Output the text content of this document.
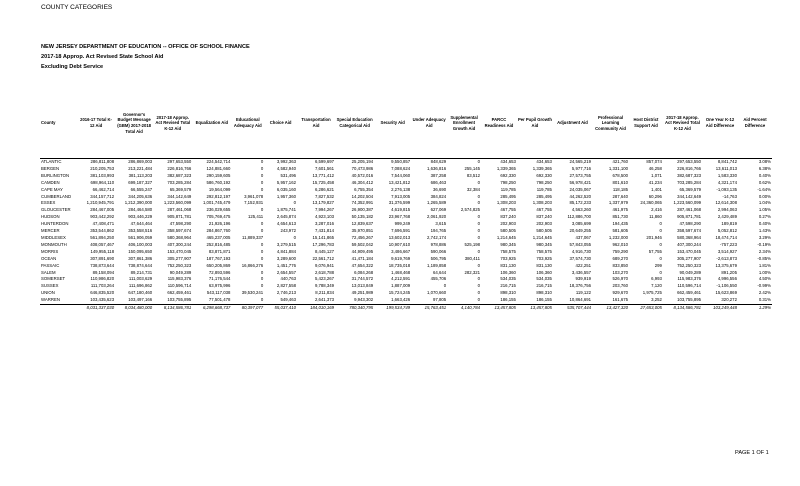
COUNTY CATEGORIES
NEW JERSEY DEPARTMENT OF EDUCATION -- OFFICE OF SCHOOL FINANCE
2017-18 Approp. Act Revised State School Aid
Excluding Debt Service
County	2016-17 Total K-12 Aid	Governor's Budget Message (GBM) 2017-2018 Total Aid	2017-18 Approp. Act Revised Total K-12 Aid	Equalization Aid	Educational Adequacy Aid	Choice Aid	Transportation Aid	Special Education Categorical Aid	Security Aid	Under Adequacy Aid	Supplemental Enrollment Growth Aid	PARCC Readiness Aid	Per Pupil Growth Aid	Adjustment Aid	Professional Learning Community Aid	Host District Support Aid	2017-18 Approp. Act Revised Total K-12 Aid	One Year K-12 Aid Difference	Aid Percent Difference
ATLANTIC	286,811,808	286,869,003	297,653,550	224,542,714	0	3,992,363	6,599,697	25,205,194	9,550,857	848,629	0	434,653	434,653	24,565,219	421,760	857,074	297,653,550	8,841,742	3.08%
BERGEN	210,205,753	213,221,484	226,816,766	124,881,660	0	4,582,940	7,601,561	70,473,986	7,088,624	1,636,816	255,145	1,339,365	1,339,365	5,977,716	1,331,100	46,258	226,816,766	13,611,013	6.38%
BURLINGTON	381,103,993	381,113,203	382,687,323	290,159,605	0	531,496	13,771,412	40,572,016	7,544,060	387,258	83,512	692,330	692,330	27,573,755	678,500	1,071	382,687,323	1,583,330	0.40%
CAMDEN	698,964,110	699,187,327	703,285,284	586,760,192	0	5,957,162	15,725,458	46,304,412	13,421,812	686,463	0	798,250	798,250	56,978,421	801,610	41,234	703,285,284	4,321,174	0.62%
CAPE MAY	66,462,714	66,555,247	65,369,579	19,564,099	0	6,035,160	6,286,621	6,755,354	2,276,138	36,690	32,384	119,785	119,785	24,035,067	118,185	1,401	65,369,579	-1,093,135	-1.64%
CUMBERLAND	344,157,712	344,205,636	344,142,649	292,812,197	3,961,078	1,957,360	7,827,532	14,202,504	7,913,005	384,824	0	285,495	285,495	44,262,520	287,640	60,296	344,142,649	-14,763	0.00%
ESSEX	1,210,945,791	1,212,390,000	1,223,560,099	1,001,745,479	7,152,931	0	13,179,827	74,352,991	31,376,599	1,265,589	0	1,308,203	1,308,203	85,172,233	1,337,979	24,360,065	1,223,560,099	12,614,308	1.04%
GLOUCESTER	284,467,005	284,464,580	287,461,068	236,029,655	0	1,875,741	7,994,267	26,900,387	4,619,815	627,069	2,574,825	467,755	467,755	4,563,260	461,975	2,416	287,461,068	2,994,063	1.05%
HUDSON	903,442,292	903,446,229	905,871,781	705,769,475	125,411	2,645,874	4,923,103	50,135,182	23,967,768	2,061,920	0	837,240	837,240	112,886,700	851,730	11,860	905,871,781	2,429,489	0.27%
HUNTERDON	47,408,471	47,644,464	47,598,290	21,926,196	0	4,654,613	3,287,016	12,839,637	999,249	3,615	0	202,903	202,903	3,085,699	194,435	0	47,598,290	189,819	0.40%
MERCER	353,544,862	353,558,516	358,597,674	284,867,760	0	243,972	7,431,814	35,970,851	7,696,591	194,765	0	580,505	580,505	20,649,255	581,605	0	358,597,674	5,052,812	1.43%
MIDDLESEX	561,894,250	561,906,059	580,368,964	465,237,005	11,889,337	0	15,141,865	72,456,267	13,602,013	2,742,174	0	1,214,645	1,214,645	437,067	1,232,000	201,946	580,368,964	18,474,714	3.29%
MONMOUTH	408,057,467	406,100,003	407,300,244	252,816,485	0	3,279,515	17,296,783	59,502,042	10,907,610	978,886	525,198	980,345	980,345	57,843,055	962,010	0	407,300,244	-757,223	-0.19%
MORRIS	149,955,118	150,095,650	153,470,045	83,871,871	0	4,841,884	8,445,127	44,909,495	3,486,667	590,066	0	758,575	758,575	4,916,730	759,290	57,755	153,470,045	3,514,927	2.34%
OCEAN	307,891,690	307,861,386	305,277,907	187,767,193	0	3,289,600	22,561,712	41,471,184	9,619,769	506,795	380,411	703,925	703,925	37,574,730	689,270	0	305,277,907	-2,613,873	-0.85%
PASSAIC	738,873,644	738,874,644	752,250,323	650,205,869	16,866,276	1,451,776	9,076,941	47,654,322	18,735,018	1,189,858	0	831,130	831,130	422,251	833,850	299	752,250,323	13,375,679	1.81%
SALEM	89,158,094	89,214,731	90,049,289	72,893,596	0	2,654,557	2,618,788	6,084,268	1,468,468	64,644	282,321	106,360	106,360	3,436,557	103,270	0	90,049,289	891,205	1.00%
SOMERSET	110,986,820	111,003,629	115,983,376	71,176,544	0	440,763	5,423,267	31,744,572	4,212,591	455,706	0	534,035	534,035	939,919	526,970	6,993	115,983,376	4,996,556	4.50%
SUSSEX	111,703,264	111,696,862	110,596,714	63,975,996	0	2,827,558	9,788,349	13,013,849	1,887,009	0	0	216,715	216,715	18,376,756	203,760	7,120	110,596,714	-1,106,550	-0.99%
UNION	646,835,520	647,180,460	662,459,461	543,117,038	39,530,241	2,746,213	8,211,834	49,251,989	15,724,245	1,070,660	0	898,310	898,310	119,122	929,670	1,975,725	662,459,461	15,623,869	2.42%
WARREN	103,435,623	103,497,166	103,755,895	77,501,478	0	549,463	2,641,373	9,943,302	1,663,426	97,805	0	186,155	186,155	10,864,691	161,675	3,252	103,755,895	320,272	0.31%
	8,031,337,030	8,034,480,000	8,134,586,781	6,298,668,737	80,397,077	55,037,410	184,010,169	780,340,795	199,534,749	15,763,451	4,140,784	13,457,805	13,457,805	535,707,444	13,427,320	27,653,005	8,134,586,781	103,249,448	1.29%
PAGE 1 OF 1
